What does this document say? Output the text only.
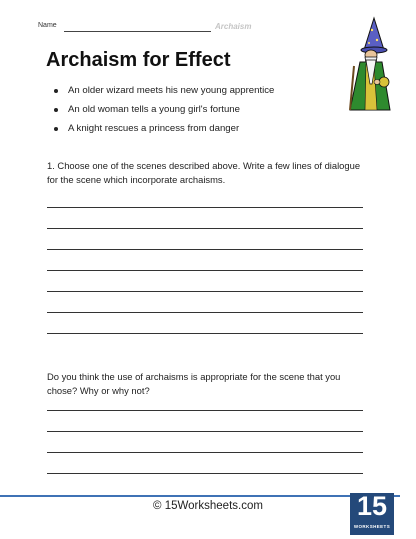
Name	Archaism
Archaism for Effect
An older wizard meets his new young apprentice
An old woman tells a young girl's fortune
A knight rescues a princess from danger

1. Choose one of the scenes described above. Write a few lines of dialogue for the scene which incorporate archaisms.

Do you think the use of archaisms is appropriate for the scene that you chose? Why or why not?

© 15Worksheets.com	15
WORKSHEETS
